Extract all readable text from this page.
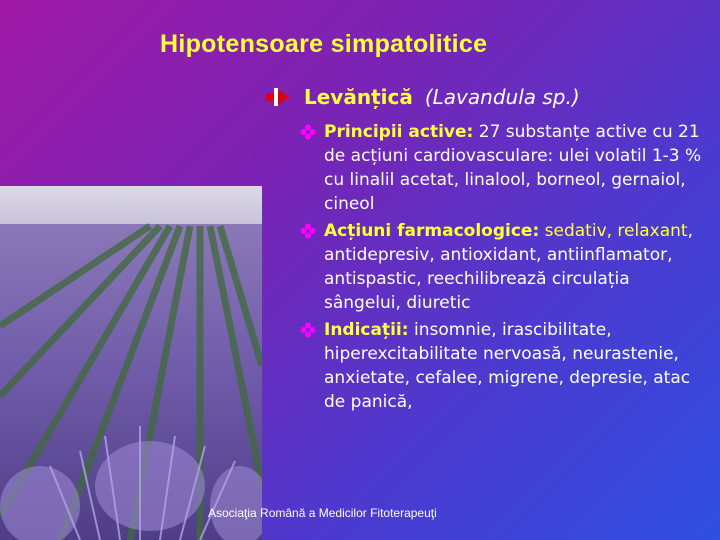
Hipotensoare simpatolitice
Levănțică (Lavandula sp.)
Principii active: 27 substanțe active cu 21 de acțiuni cardiovasculare: ulei volatil 1-3 % cu linalil acetat, linalool, borneol, gernaiol, cineol
Acțiuni farmacologice: sedativ, relaxant, antidepresiv, antioxidant, antiinflamator, antispastic, reechilibrează circulația sângelui, diuretic
Indicații: insomnie, irascibilitate, hiperexcitabilitate nervoasă, neurastenie, anxietate, cefalee, migrene, depresie, atac de panică,
Asociaţia Română a Medicilor Fitoterapeuţi
